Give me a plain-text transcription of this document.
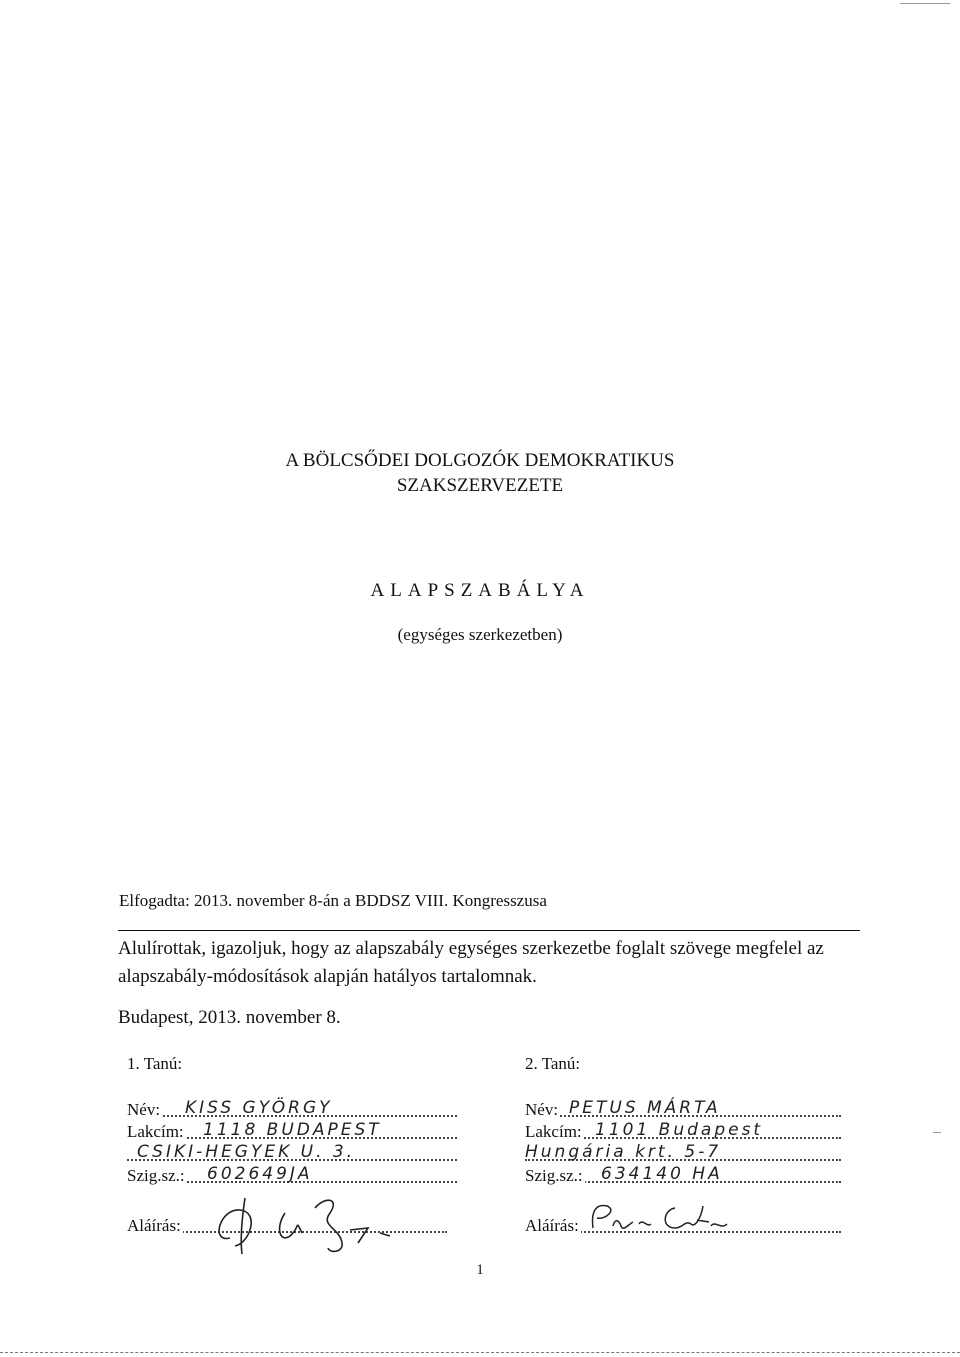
A BÖLCSŐDEI DOLGOZÓK DEMOKRATIKUS
SZAKSZERVEZETE
ALAPSZABÁLYA
(egységes szerkezetben)
Elfogadta: 2013. november 8-án a BDDSZ VIII. Kongresszusa
Alulírottak, igazoljuk, hogy az alapszabály egységes szerkezetbe foglalt szövege megfelel az alapszabály-módosítások alapján hatályos tartalomnak.
Budapest, 2013. november 8.
1. Tanú:
Név: KISS GYÖRGY
Lakcím: 1118 BUDAPEST
CSIKI-HEGYEK U. 3.
Szig.sz.: 602649JA
Aláírás:
2. Tanú:
Név: PETUS MÁRTA
Lakcím: 1101 Budapest
Hungária krt. 5-7
Szig.sz.: 634140 HA
Aláírás:
1
